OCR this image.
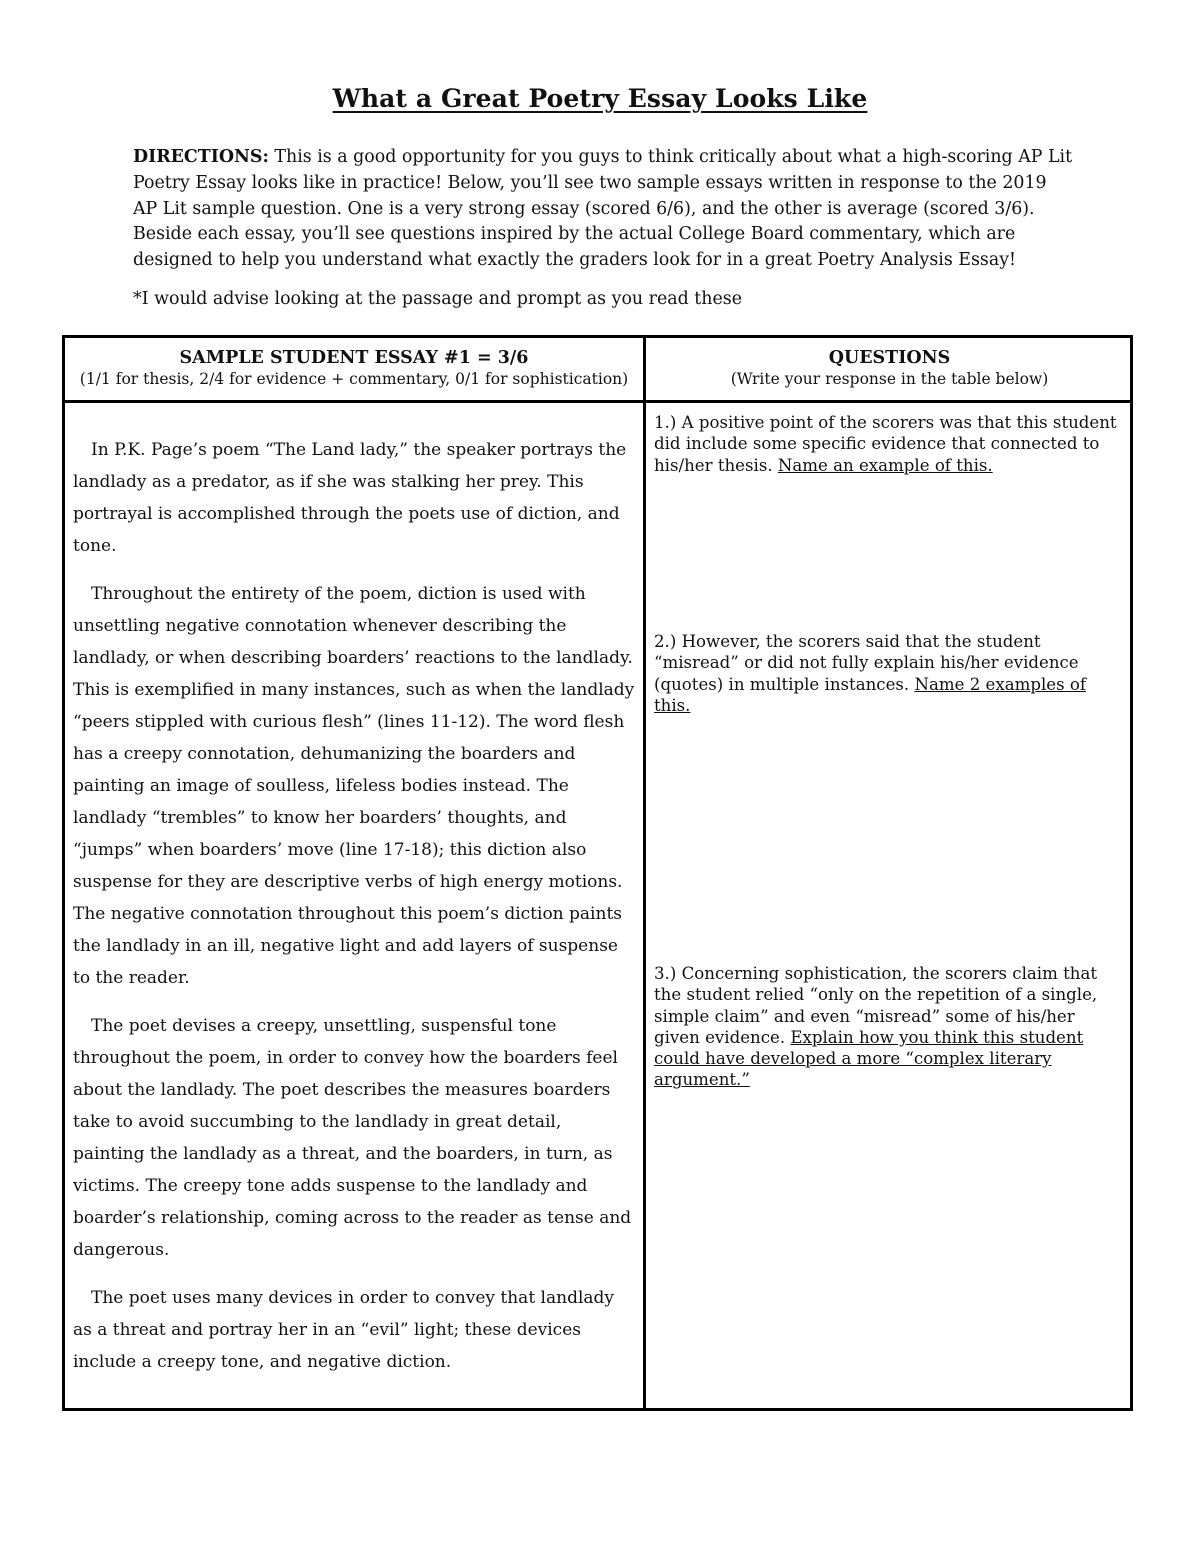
What a Great Poetry Essay Looks Like
DIRECTIONS: This is a good opportunity for you guys to think critically about what a high-scoring AP Lit Poetry Essay looks like in practice! Below, you’ll see two sample essays written in response to the 2019 AP Lit sample question. One is a very strong essay (scored 6/6), and the other is average (scored 3/6). Beside each essay, you’ll see questions inspired by the actual College Board commentary, which are designed to help you understand what exactly the graders look for in a great Poetry Analysis Essay!
*I would advise looking at the passage and prompt as you read these
SAMPLE STUDENT ESSAY #1 = 3/6
(1/1 for thesis, 2/4 for evidence + commentary, 0/1 for sophistication)
QUESTIONS
(Write your response in the table below)

In P.K. Page’s poem “The Land lady,” the speaker portrays the landlady as a predator, as if she was stalking her prey. This portrayal is accomplished through the poets use of diction, and tone.

Throughout the entirety of the poem, diction is used with unsettling negative connotation whenever describing the landlady, or when describing boarders’ reactions to the landlady. This is exemplified in many instances, such as when the landlady “peers stippled with curious flesh” (lines 11-12). The word flesh has a creepy connotation, dehumanizing the boarders and painting an image of soulless, lifeless bodies instead. The landlady “trembles” to know her boarders’ thoughts, and “jumps” when boarders’ move (line 17-18); this diction also suspense for they are descriptive verbs of high energy motions. The negative connotation throughout this poem’s diction paints the landlady in an ill, negative light and add layers of suspense to the reader.

The poet devises a creepy, unsettling, suspensful tone throughout the poem, in order to convey how the boarders feel about the landlady. The poet describes the measures boarders take to avoid succumbing to the landlady in great detail, painting the landlady as a threat, and the boarders, in turn, as victims. The creepy tone adds suspense to the landlady and boarder’s relationship, coming across to the reader as tense and dangerous.

The poet uses many devices in order to convey that landlady as a threat and portray her in an “evil” light; these devices include a creepy tone, and negative diction.

1.) A positive point of the scorers was that this student did include some specific evidence that connected to his/her thesis. Name an example of this.
2.) However, the scorers said that the student “misread” or did not fully explain his/her evidence (quotes) in multiple instances. Name 2 examples of this.
3.) Concerning sophistication, the scorers claim that the student relied “only on the repetition of a single, simple claim” and even “misread” some of his/her given evidence. Explain how you think this student could have developed a more “complex literary argument.”
